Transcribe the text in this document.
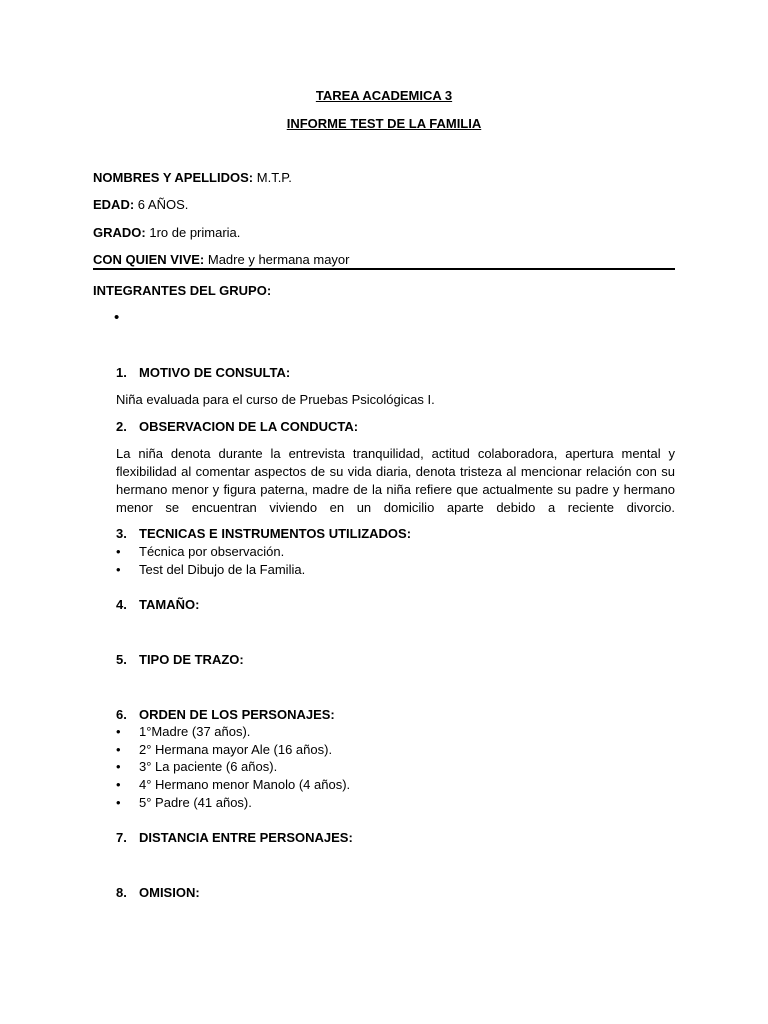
TAREA ACADEMICA 3
INFORME TEST DE LA FAMILIA
NOMBRES Y APELLIDOS: M.T.P.
EDAD: 6 AÑOS.
GRADO: 1ro de primaria.
CON QUIEN VIVE: Madre y hermana mayor
INTEGRANTES DEL GRUPO:
•
1. MOTIVO DE CONSULTA:
Niña evaluada para el curso de Pruebas Psicológicas I.
2. OBSERVACION DE LA CONDUCTA:
La niña denota durante la entrevista tranquilidad, actitud colaboradora, apertura mental y flexibilidad al comentar aspectos de su vida diaria, denota tristeza al mencionar relación con su hermano menor y figura paterna, madre de la niña refiere que actualmente su padre y hermano menor se encuentran viviendo en un domicilio aparte debido a reciente divorcio.
3. TECNICAS E INSTRUMENTOS UTILIZADOS:
• Técnica por observación.
• Test del Dibujo de la Familia.
4. TAMAÑO:
5. TIPO DE TRAZO:
6. ORDEN DE LOS PERSONAJES:
• 1°Madre (37 años).
• 2° Hermana mayor Ale (16 años).
• 3° La paciente (6 años).
• 4° Hermano menor Manolo (4 años).
• 5° Padre (41 años).
7. DISTANCIA ENTRE PERSONAJES:
8. OMISION:
